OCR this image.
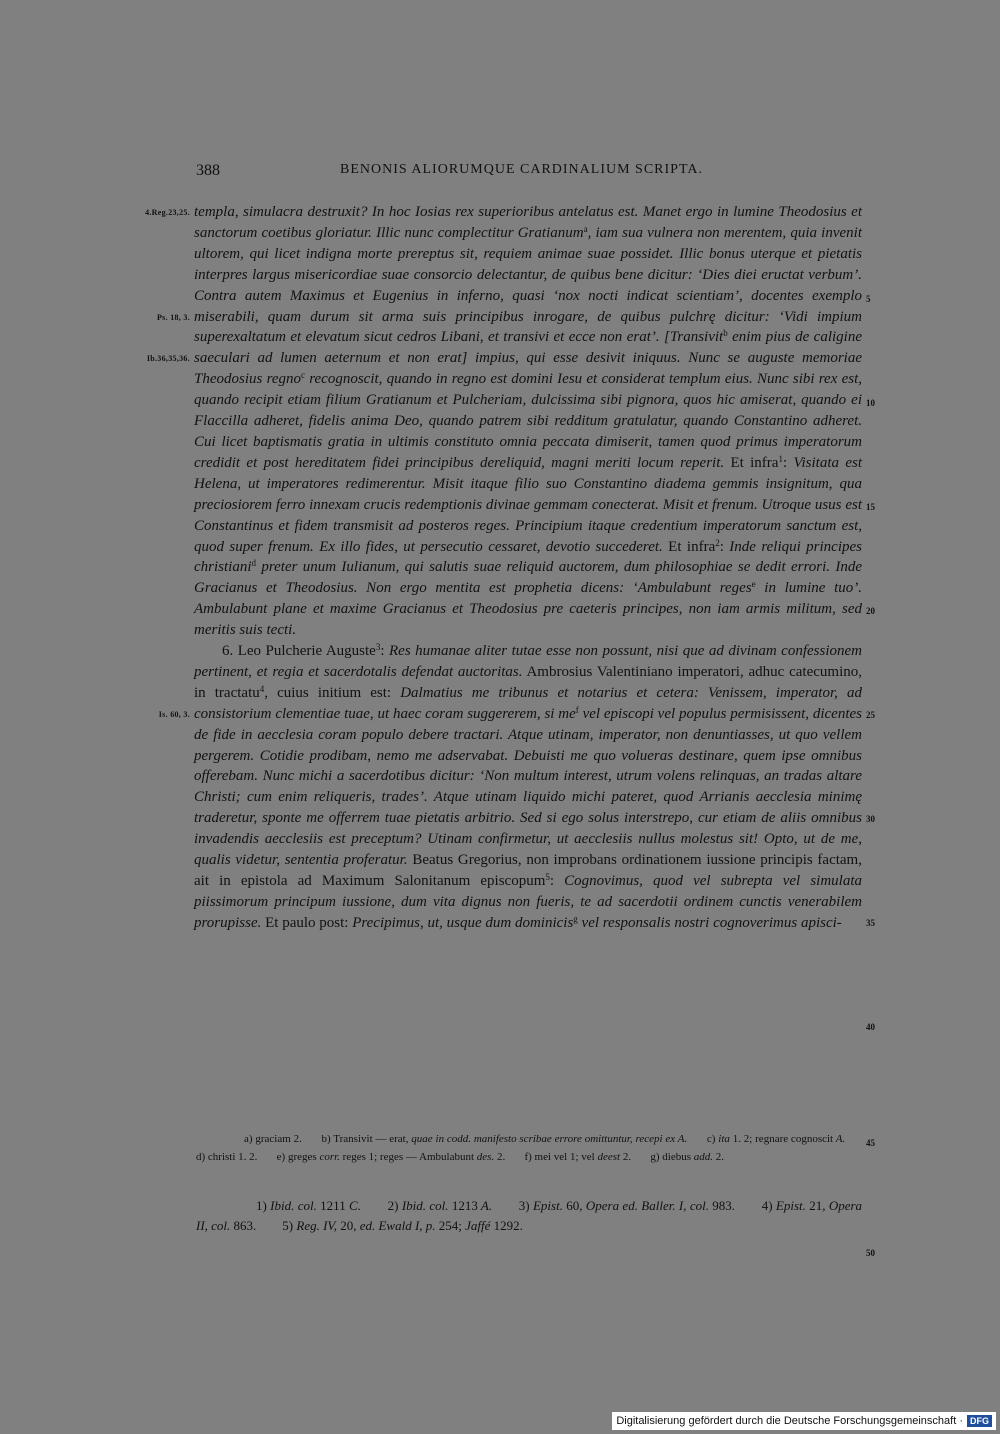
388	BENONIS ALIORUMQUE CARDINALIUM SCRIPTA.
4.Reg.23,25.
Ps. 18, 3.
Ib.36,35,36.
Is. 60, 3.
5
10
15
20
25
30
35
40
45
50

templa, simulacra destruxit? In hoc Iosias rex superioribus antelatus est. Manet ergo in lumine Theodosius et sanctorum coetibus gloriatur. Illic nunc complectitur Gratianum$^a$, iam sua vulnera non merentem, quia invenit ultorem, qui licet indigna morte prereptus sit, requiem animae suae possidet. Illic bonus uterque et pietatis interpres largus misericordiae suae consorcio delectantur, de quibus bene dicitur: ‘Dies diei eructat verbum’. Contra autem Maximus et Eugenius in inferno, quasi ‘nox nocti indicat scientiam’, docentes exemplo miserabili, quam durum sit arma suis principibus inrogare, de quibus pulchrę dicitur: ‘Vidi impium superexaltatum et elevatum sicut cedros Libani, et transivi et ecce non erat’. [Transivit$^b$ enim pius de caligine saeculari ad lumen aeternum et non erat] impius, qui esse desivit iniquus. Nunc se auguste memoriae Theodosius regno$^c$ recognoscit, quando in regno est domini Iesu et considerat templum eius. Nunc sibi rex est, quando recipit etiam filium Gratianum et Pulcheriam, dulcissima sibi pignora, quos hic amiserat, quando ei Flaccilla adheret, fidelis anima Deo, quando patrem sibi redditum gratulatur, quando Constantino adheret. Cui licet baptismatis gratia in ultimis constituto omnia peccata dimiserit, tamen quod primus imperatorum credidit et post hereditatem fidei principibus dereliquid, magni meriti locum reperit. Et infra$^1$: Visitata est Helena, ut imperatores redimerentur. Misit itaque filio suo Constantino diadema gemmis insignitum, qua preciosiorem ferro innexam crucis redemptionis divinae gemmam conecterat. Misit et frenum. Utroque usus est Constantinus et fidem transmisit ad posteros reges. Principium itaque credentium imperatorum sanctum est, quod super frenum. Ex illo fides, ut persecutio cessaret, devotio succederet. Et infra$^2$: Inde reliqui principes christiani$^d$ preter unum Iulianum, qui salutis suae reliquid auctorem, dum philosophiae se dedit errori. Inde Gracianus et Theodosius. Non ergo mentita est prophetia dicens: ‘Ambulabunt reges$^e$ in lumine tuo’. Ambulabunt plane et maxime Gracianus et Theodosius pre caeteris principes, non iam armis militum, sed meritis suis tecti.

6. Leo Pulcherie Auguste$^3$: Res humanae aliter tutae esse non possunt, nisi que ad divinam confessionem pertinent, et regia et sacerdotalis defendat auctoritas. Ambrosius Valentiniano imperatori, adhuc catecumino, in tractatu$^4$, cuius initium est: Dalmatius me tribunus et notarius et cetera: Venissem, imperator, ad consistorium clementiae tuae, ut haec coram suggererem, si $me^f$ vel episcopi vel populus permisissent, dicentes de fide in aecclesia coram populo debere tractari. Atque utinam, imperator, non denuntiasses, ut quo vellem pergerem. Cotidie prodibam, nemo me adservabat. Debuisti me quo volueras destinare, quem ipse omnibus offerebam. Nunc michi a sacerdotibus dicitur: ‘Non multum interest, utrum volens relinquas, an tradas altare Christi; cum enim reliqueris, trades’. Atque utinam liquido michi pateret, quod Arrianis aecclesia minimę traderetur, sponte me offerrem tuae pietatis arbitrio. Sed si ego solus interstrepo, cur etiam de aliis omnibus invadendis aecclesiis est preceptum? Utinam confirmetur, ut aecclesiis nullus molestus sit! Opto, ut de me, qualis videtur, sententia proferatur. Beatus Gregorius, non improbans ordinationem iussione principis factam, ait in epistola ad Maximum Salonitanum episcopum$^5$: Cognovimus, quod vel subrepta vel simulata piissimorum principum iussione, dum vita dignus non fueris, te ad sacerdotii ordinem cunctis venerabilem prorupisse. Et paulo post: Precipimus, ut, usque dum dominicis$^g$ vel responsalis nostri cognoverimus apisci-

a) graciam 2. b) Transivit — erat, quae in codd. manifesto scribae errore omittuntur, recepi ex A. c) ita 1. 2; regnare cognoscit A.       d) christi 1. 2. e) greges corr. reges 1; reges — Ambulabunt des. 2. f) mei vel 1; vel deest 2. g) diebus add. 2.

1) Ibid. col. 1211 C. 2) Ibid. col. 1213 A. 3) Epist. 60, Opera ed. Baller. I, col. 983. 4) Epist. 21, Opera II, col. 863. 5) Reg. IV, 20, ed. Ewald I, p. 254; Jaffé 1292.

Digitalisierung gefördert durch die Deutsche Forschungsgemeinschaft · DFG
